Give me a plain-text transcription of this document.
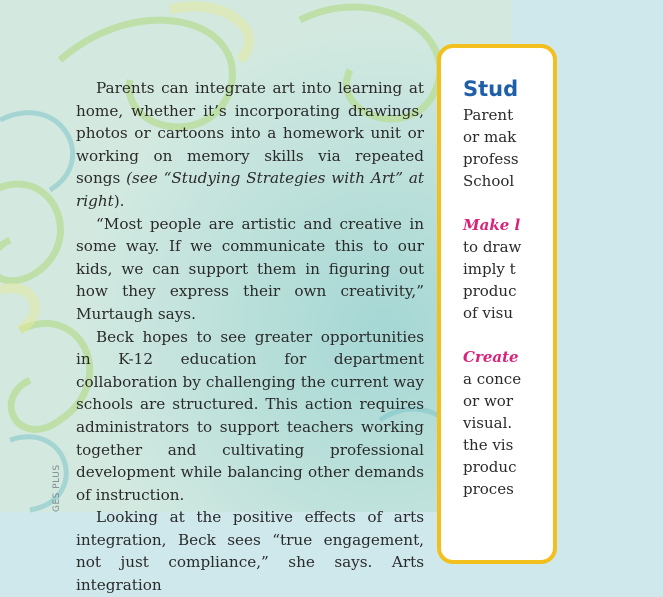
Parents can integrate art into learning at home, whether it’s incorporating drawings, photos or cartoons into a homework unit or working on memory skills via repeated songs (see “Studying Strategies with Art” at right).

“Most people are artistic and creative in some way. If we communicate this to our kids, we can support them in figuring out how they express their own creativity,” Murtaugh says.

Beck hopes to see greater opportunities in K-12 education for department collaboration by challenging the current way schools are structured. This action requires administrators to support teachers working together and cultivating professional development while balancing other demands of instruction.

Looking at the positive effects of arts integration, Beck sees “true engagement, not just compliance,” she says. Arts integration

Stud
Parent
or mak
profess
School
Make l
to draw
imply t
produc
of visu
Create
a conce
or wor
visual.
the vis
produc
proces
GES PLUS
